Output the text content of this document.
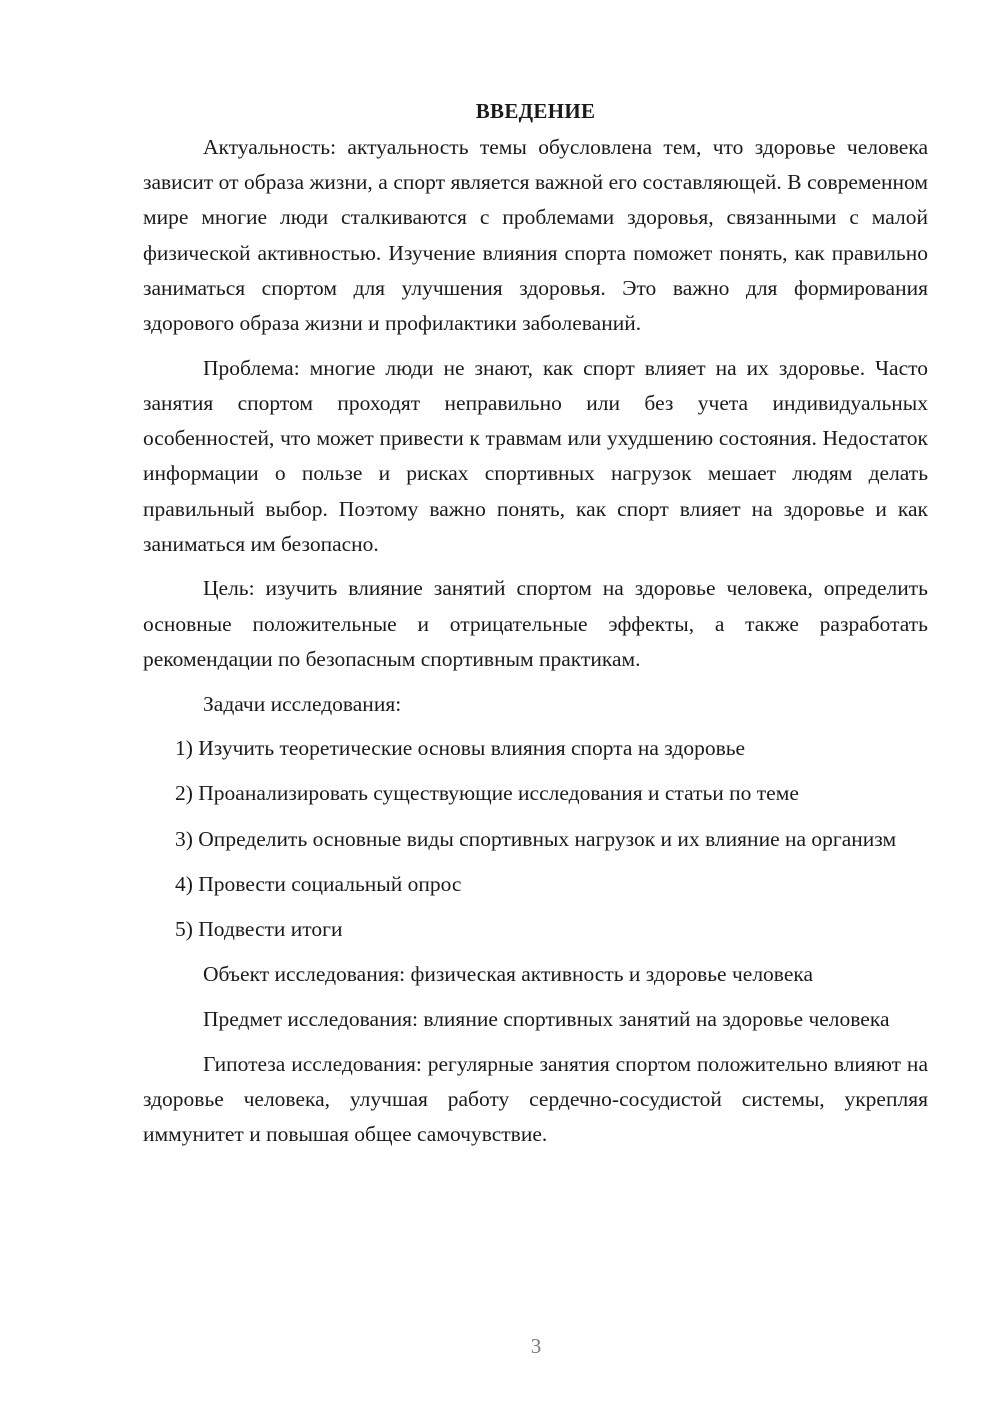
ВВЕДЕНИЕ

Актуальность: актуальность темы обусловлена тем, что здоровье человека зависит от образа жизни, а спорт является важной его составляющей. В современном мире многие люди сталкиваются с проблемами здоровья, связанными с малой физической активностью. Изучение влияния спорта поможет понять, как правильно заниматься спортом для улучшения здоровья. Это важно для формирования здорового образа жизни и профилактики заболеваний.

Проблема: многие люди не знают, как спорт влияет на их здоровье. Часто занятия спортом проходят неправильно или без учета индивидуальных особенностей, что может привести к травмам или ухудшению состояния. Недостаток информации о пользе и рисках спортивных нагрузок мешает людям делать правильный выбор. Поэтому важно понять, как спорт влияет на здоровье и как заниматься им безопасно.

Цель: изучить влияние занятий спортом на здоровье человека, определить основные положительные и отрицательные эффекты, а также разработать рекомендации по безопасным спортивным практикам.

Задачи исследования:

1) Изучить теоретические основы влияния спорта на здоровье

2) Проанализировать существующие исследования и статьи по теме

3) Определить основные виды спортивных нагрузок и их влияние на организм

4) Провести социальный опрос

5) Подвести итоги

Объект исследования: физическая активность и здоровье человека

Предмет исследования: влияние спортивных занятий на здоровье человека

Гипотеза исследования: регулярные занятия спортом положительно влияют на здоровье человека, улучшая работу сердечно-сосудистой системы, укрепляя иммунитет и повышая общее самочувствие.

3
